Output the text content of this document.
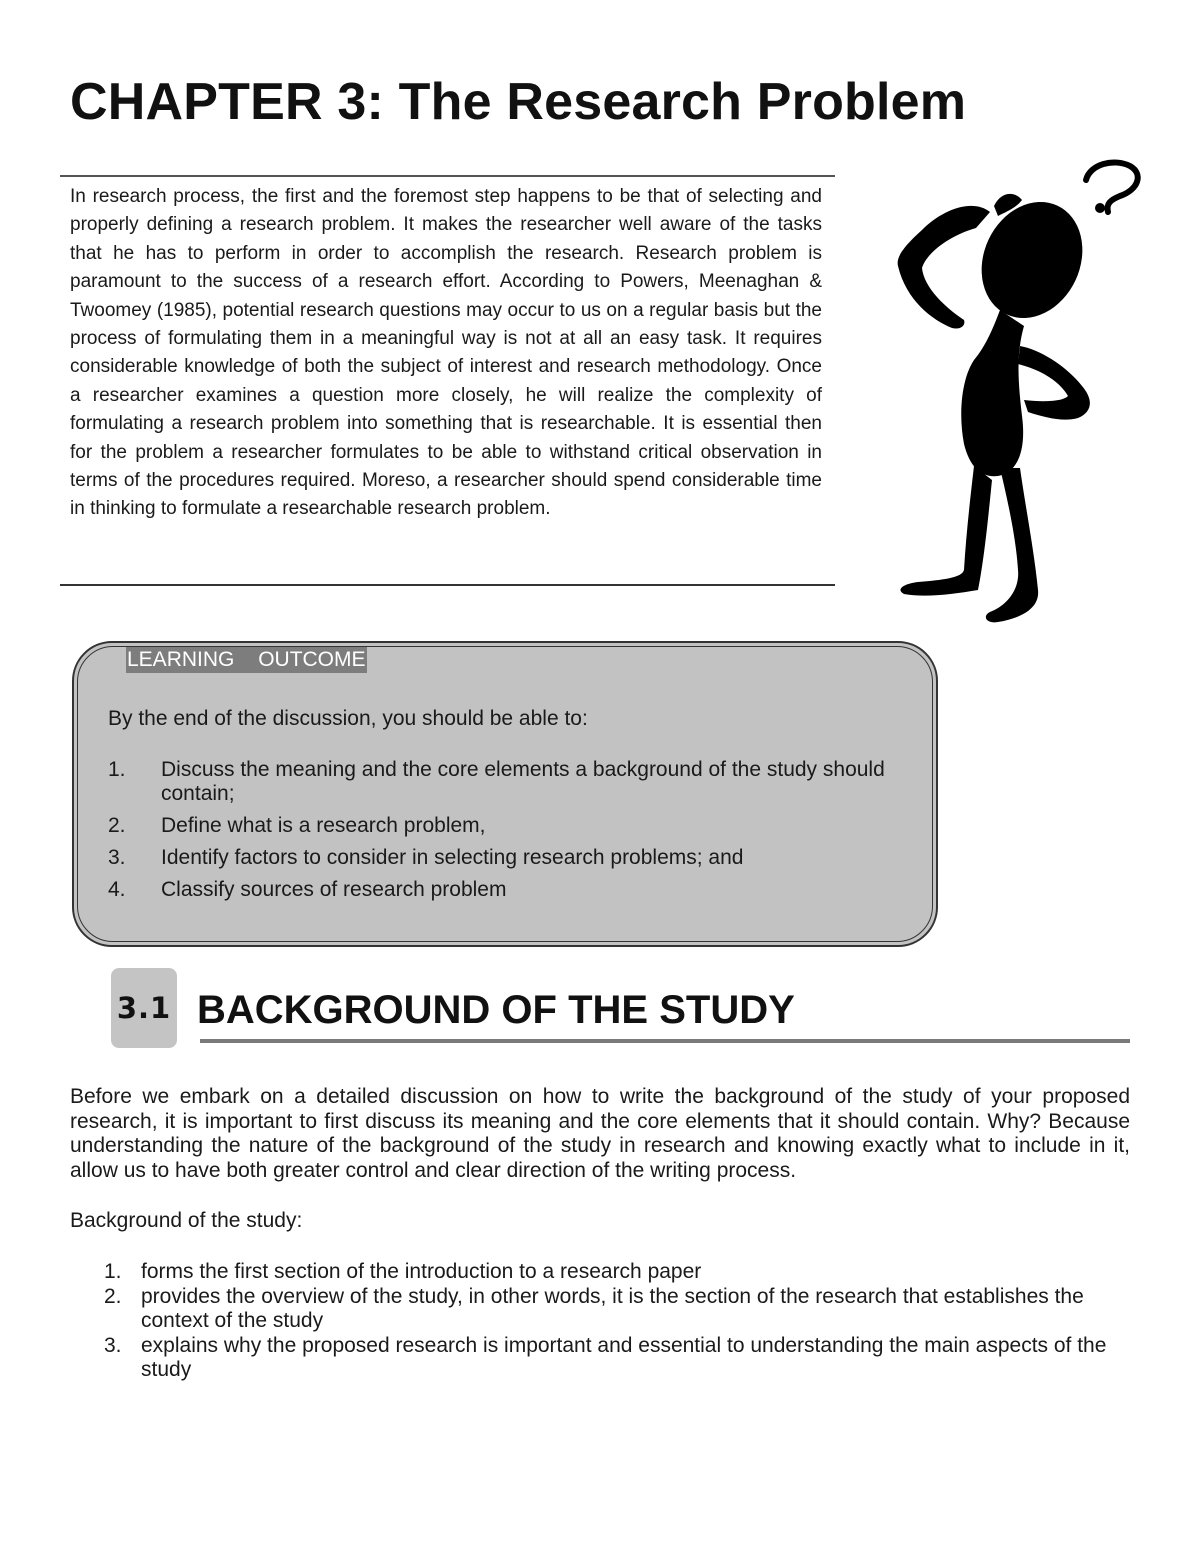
CHAPTER 3: The Research Problem

In research process, the first and the foremost step happens to be that of selecting and properly defining a research problem. It makes the researcher well aware of the tasks that he has to perform in order to accomplish the research. Research problem is paramount to the success of a research effort. According to Powers, Meenaghan & Twoomey (1985), potential research questions may occur to us on a regular basis but the process of formulating them in a meaningful way is not at all an easy task. It requires considerable knowledge of both the subject of interest and research methodology. Once a researcher examines a question more closely, he will realize the complexity of formulating a research problem into something that is researchable. It is essential then for the problem a researcher formulates to be able to withstand critical observation in terms of the procedures required. Moreso, a researcher should spend considerable time in thinking to formulate a researchable research problem.

LEARNING OUTCOME

By the end of the discussion, you should be able to:

1. Discuss the meaning and the core elements a background of the study should contain;
2. Define what is a research problem,
3. Identify factors to consider in selecting research problems; and
4. Classify sources of research problem
3.1 BACKGROUND OF THE STUDY

Before we embark on a detailed discussion on how to write the background of the study of your proposed research, it is important to first discuss its meaning and the core elements that it should contain. Why? Because understanding the nature of the background of the study in research and knowing exactly what to include in it, allow us to have both greater control and clear direction of the writing process.

Background of the study:

1. forms the first section of the introduction to a research paper
2. provides the overview of the study, in other words, it is the section of the research that establishes the context of the study
3. explains why the proposed research is important and essential to understanding the main aspects of the study
